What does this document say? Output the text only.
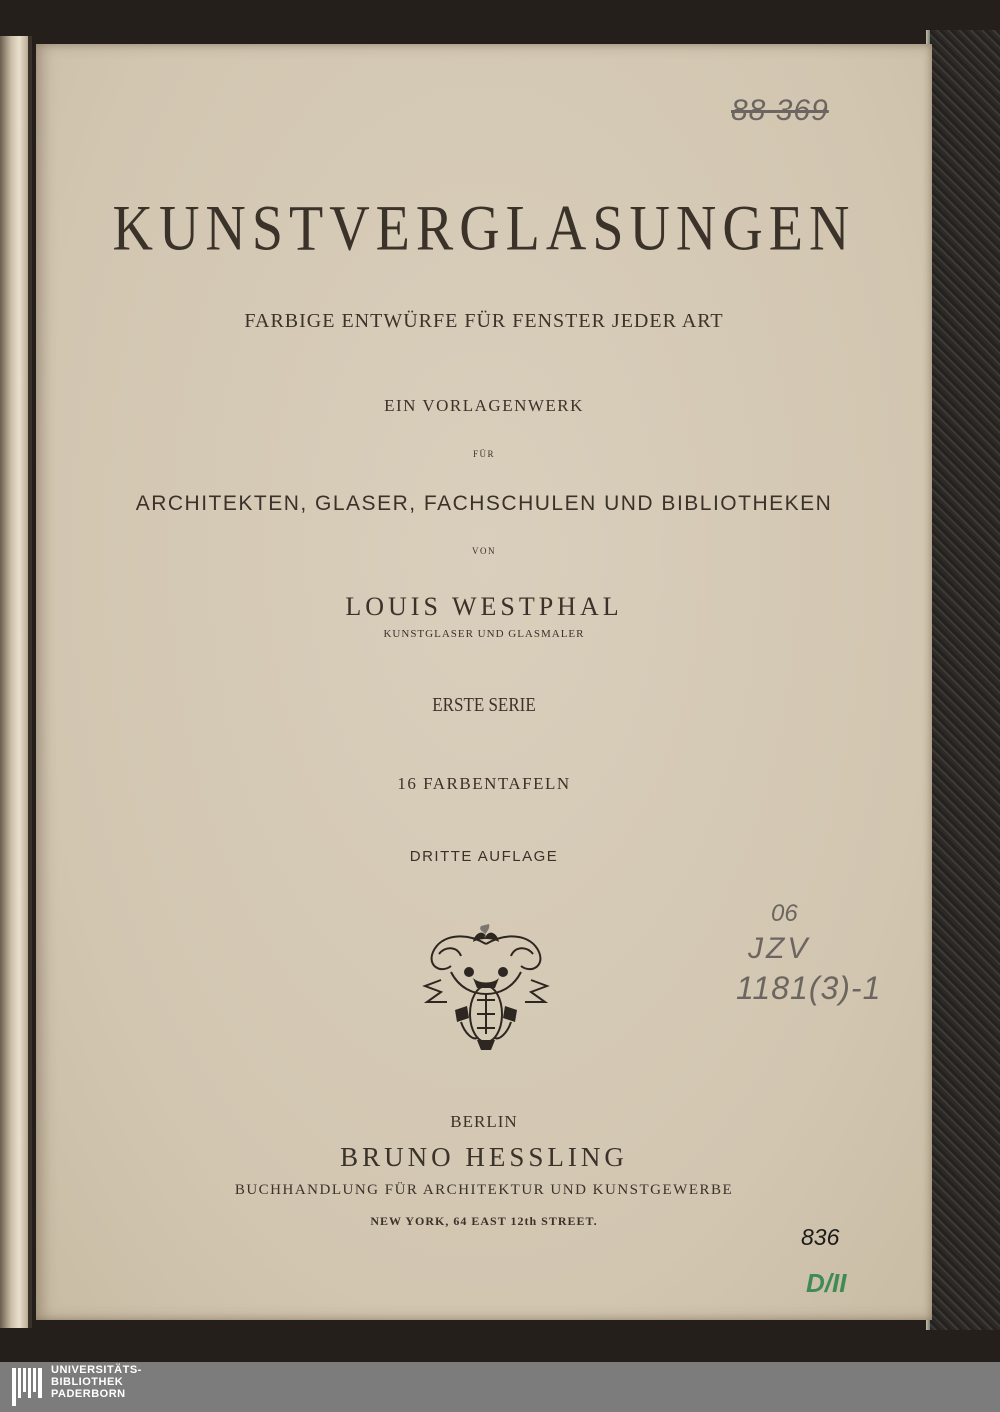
88 369
KUNSTVERGLASUNGEN
FARBIGE ENTWÜRFE FÜR FENSTER JEDER ART
EIN VORLAGENWERK
FÜR
ARCHITEKTEN, GLASER, FACHSCHULEN UND BIBLIOTHEKEN
VON
LOUIS WESTPHAL
KUNSTGLASER UND GLASMALER
ERSTE SERIE
16 FARBENTAFELN
DRITTE AUFLAGE
06
JZV
1181(3)-1
BERLIN
BRUNO HESSLING
BUCHHANDLUNG FÜR ARCHITEKTUR UND KUNSTGEWERBE
NEW YORK, 64 EAST 12th STREET.
836
D/II
UNIVERSITÄTS-
BIBLIOTHEK
PADERBORN
